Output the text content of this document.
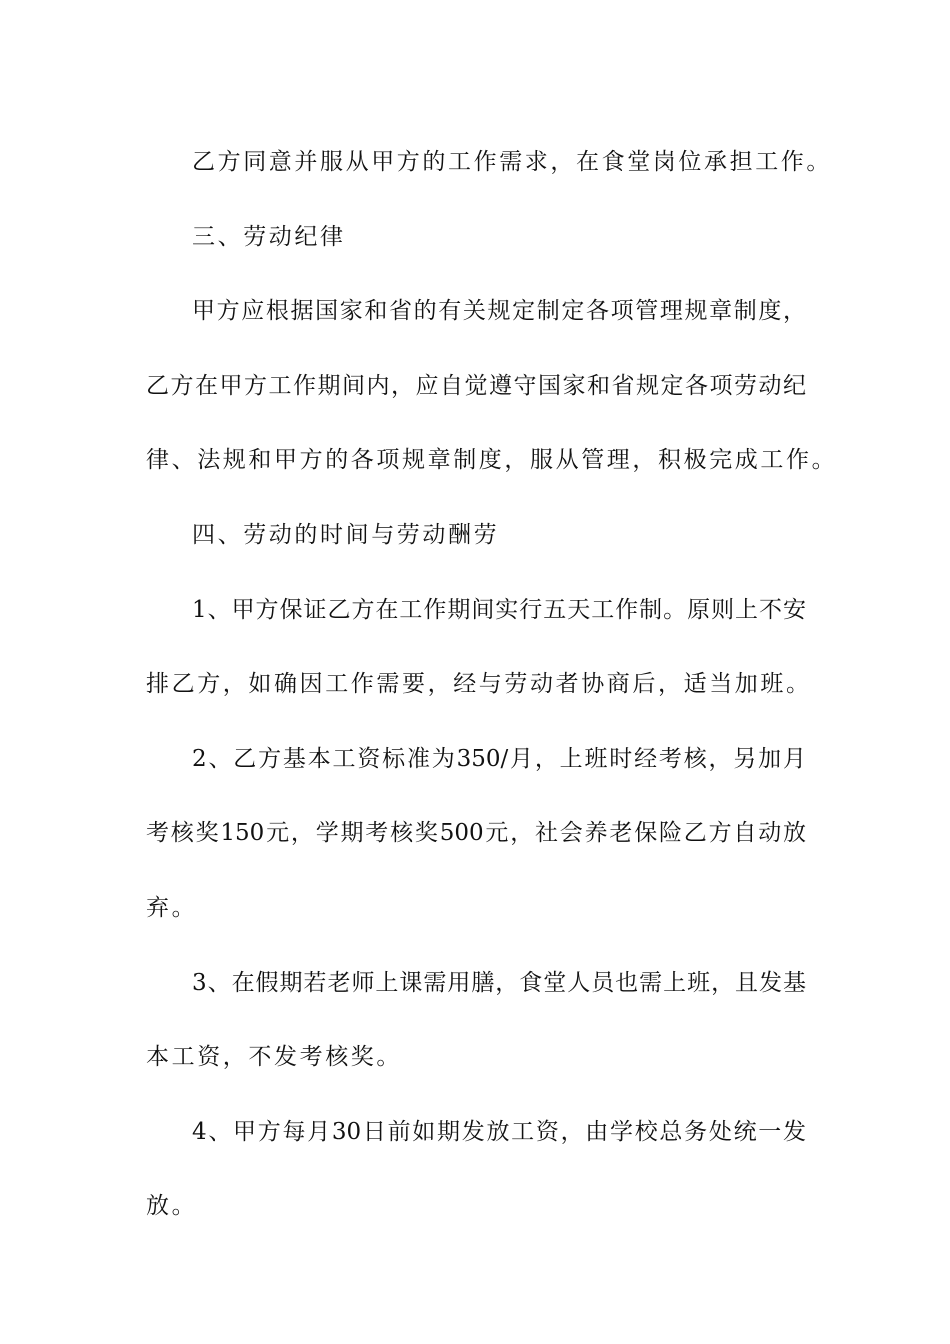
乙方同意并服从甲方的工作需求，在食堂岗位承担工作。
三、劳动纪律
甲方应根据国家和省的有关规定制定各项管理规章制度，
乙方在甲方工作期间内，应自觉遵守国家和省规定各项劳动纪
律、法规和甲方的各项规章制度，服从管理，积极完成工作。
四、劳动的时间与劳动酬劳
1、甲方保证乙方在工作期间实行五天工作制。原则上不安
排乙方，如确因工作需要，经与劳动者协商后，适当加班。
2、乙方基本工资标准为350/月，上班时经考核，另加月
考核奖150元，学期考核奖500元，社会养老保险乙方自动放
弃。
3、在假期若老师上课需用膳，食堂人员也需上班，且发基
本工资，不发考核奖。
4、甲方每月30日前如期发放工资，由学校总务处统一发
放。
